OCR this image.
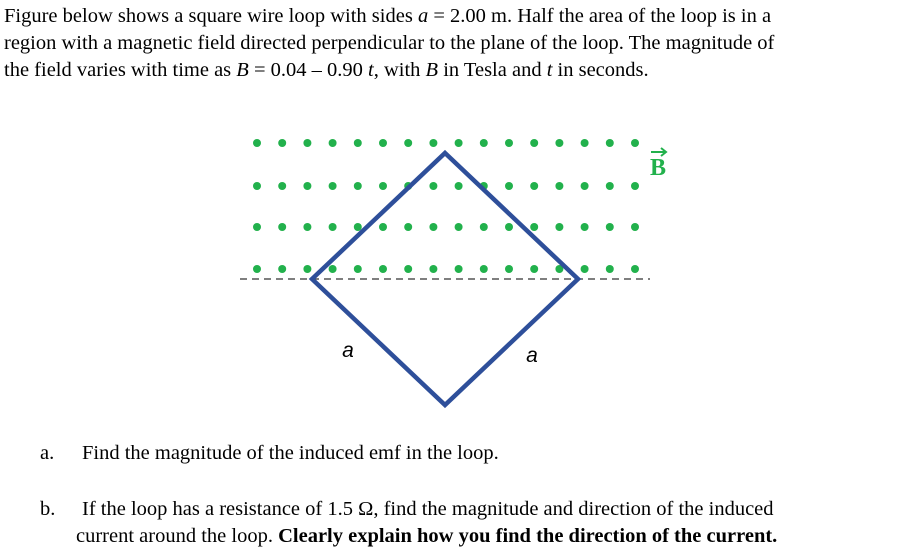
Figure below shows a square wire loop with sides a = 2.00 m. Half the area of the loop is in a
region with a magnetic field directed perpendicular to the plane of the loop. The magnitude of
the field varies with time as B = 0.04 – 0.90 t, with B in Tesla and t in seconds.

B
a	a
a. Find the magnitude of the induced emf in the loop.
b. If the loop has a resistance of 1.5 Ω, find the magnitude and direction of the induced
current around the loop. Clearly explain how you find the direction of the current.
